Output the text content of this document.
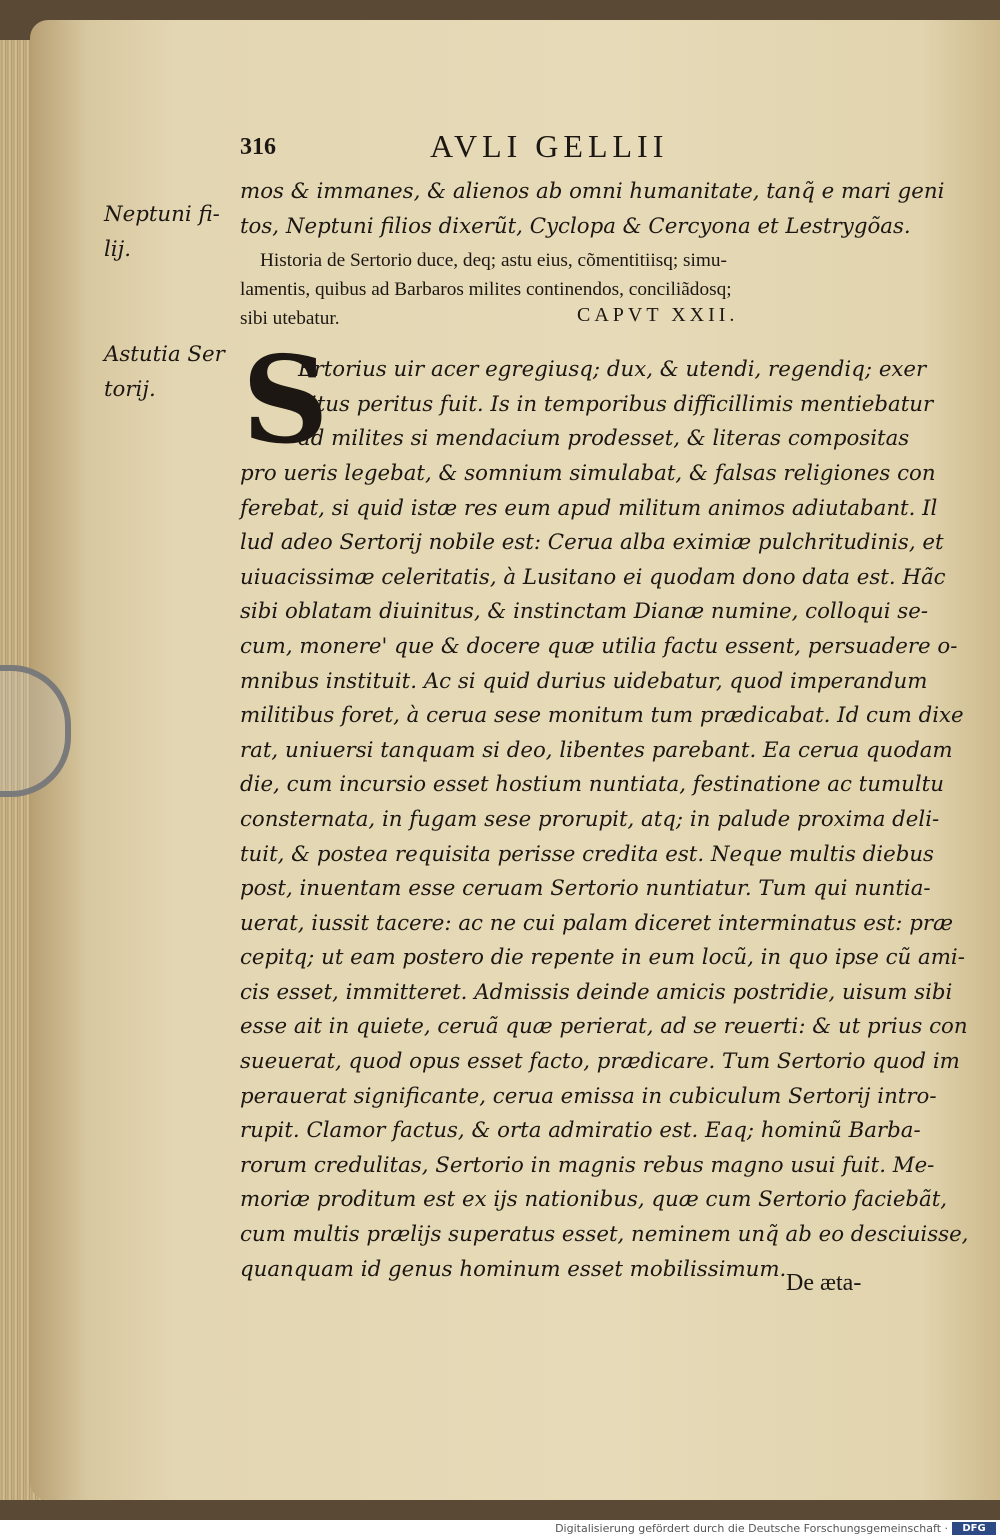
316	AVLI GELLII

Neptuni fi-

lij.

Astutia Ser

torij.

mos & immanes, & alienos ab omni humanitate, tanq̃ e mari geni

tos, Neptuni filios dixerũt, Cyclopa & Cercyona et Lestrygõas.

Historia de Sertorio duce, deq; astu eius, cõmentitiisq; simu-

lamentis, quibus ad Barbaros milites continendos, conciliãdosq;

sibi utebatur.	CAPVT XXII.

S

Ertorius uir acer egregiusq; dux, & utendi, regendiq; exer

citus peritus fuit. Is in temporibus difficillimis mentiebatur

ad milites si mendacium prodesset, & literas compositas

pro ueris legebat, & somnium simulabat, & falsas religiones con

ferebat, si quid istæ res eum apud militum animos adiutabant. Il

lud adeo Sertorij nobile est: Cerua alba eximiæ pulchritudinis, et

uiuacissimæ celeritatis, à Lusitano ei quodam dono data est. Hãc

sibi oblatam diuinitus, & instinctam Dianæ numine, colloqui se-

cum, monere' que & docere quæ utilia factu essent, persuadere o-

mnibus instituit. Ac si quid durius uidebatur, quod imperandum

militibus foret, à cerua sese monitum tum prædicabat. Id cum dixe

rat, uniuersi tanquam si deo, libentes parebant. Ea cerua quodam

die, cum incursio esset hostium nuntiata, festinatione ac tumultu

consternata, in fugam sese prorupit, atq; in palude proxima deli-

tuit, & postea requisita perisse credita est. Neque multis diebus

post, inuentam esse ceruam Sertorio nuntiatur. Tum qui nuntia-

uerat, iussit tacere: ac ne cui palam diceret interminatus est: præ

cepitq; ut eam postero die repente in eum locũ, in quo ipse cũ ami-

cis esset, immitteret. Admissis deinde amicis postridie, uisum sibi

esse ait in quiete, ceruã quæ perierat, ad se reuerti: & ut prius con

sueuerat, quod opus esset facto, prædicare. Tum Sertorio quod im

perauerat significante, cerua emissa in cubiculum Sertorij intro-

rupit. Clamor factus, & orta admiratio est. Eaq; hominũ Barba-

rorum credulitas, Sertorio in magnis rebus magno usui fuit. Me-

moriæ proditum est ex ijs nationibus, quæ cum Sertorio faciebãt,

cum multis prælijs superatus esset, neminem unq̃ ab eo desciuisse,

quanquam id genus hominum esset mobilissimum.

De æta-
Digitalisierung gefördert durch die Deutsche Forschungsgemeinschaft ·	DFG
